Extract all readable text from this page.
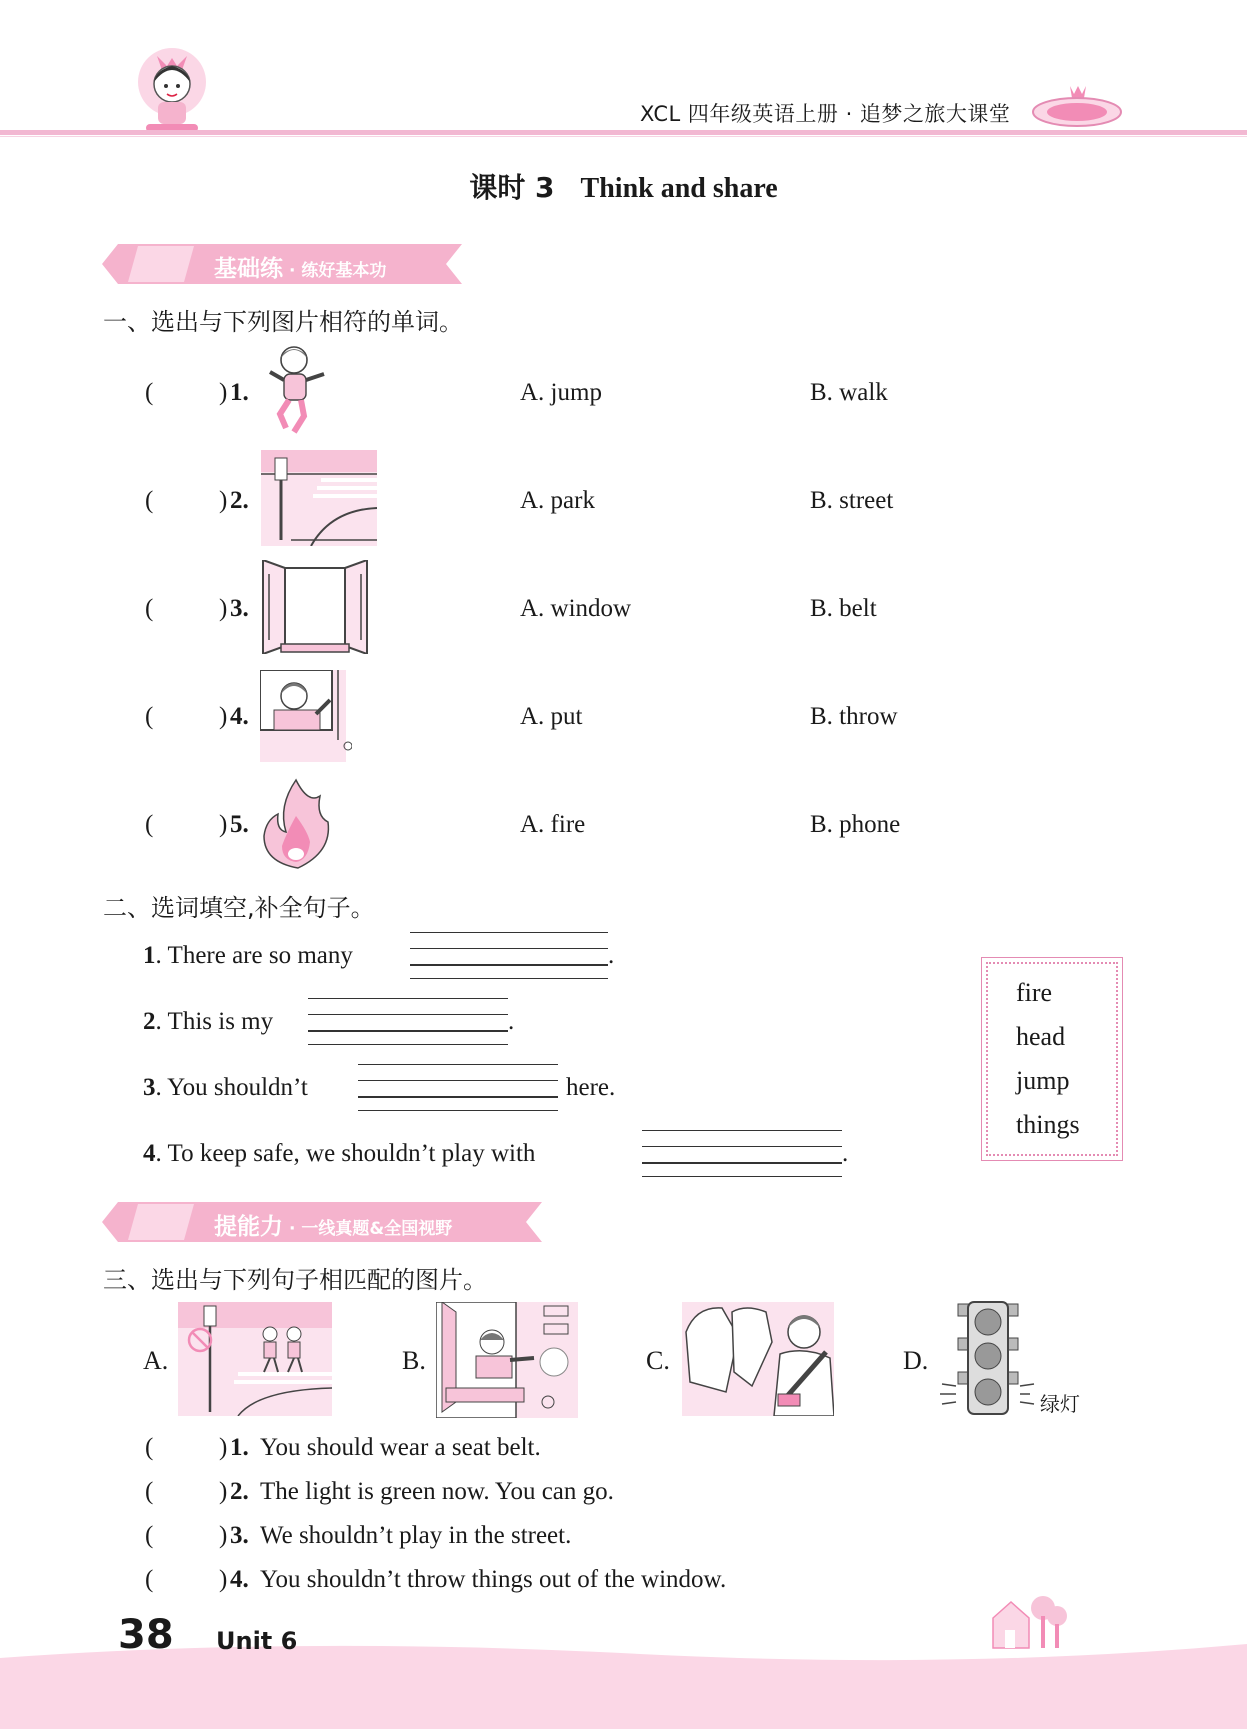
XCL 四年级英语上册 · 追梦之旅大课堂
课时 3 Think and share
基础练 · 练好基本功
一、选出与下列图片相符的单词。
(	) 1.	A. jump	B. walk
(	) 2.	A. park	B. street
(	) 3.	A. window	B. belt
(	) 4.	A. put	B. throw
(	) 5.	A. fire	B. phone
二、选词填空,补全句子。
1. There are so many	.
2. This is my	.
3. You shouldn’t	here.
4. To keep safe, we shouldn’t play with	.
fire
head
jump
things
提能力 · 一线真题&全国视野
三、选出与下列句子相匹配的图片。
A.	B.	C.	D.
绿灯
(	) 1. You should wear a seat belt.
(	) 2. The light is green now. You can go.
(	) 3. We shouldn’t play in the street.
(	) 4. You shouldn’t throw things out of the window.
38 Unit 6
